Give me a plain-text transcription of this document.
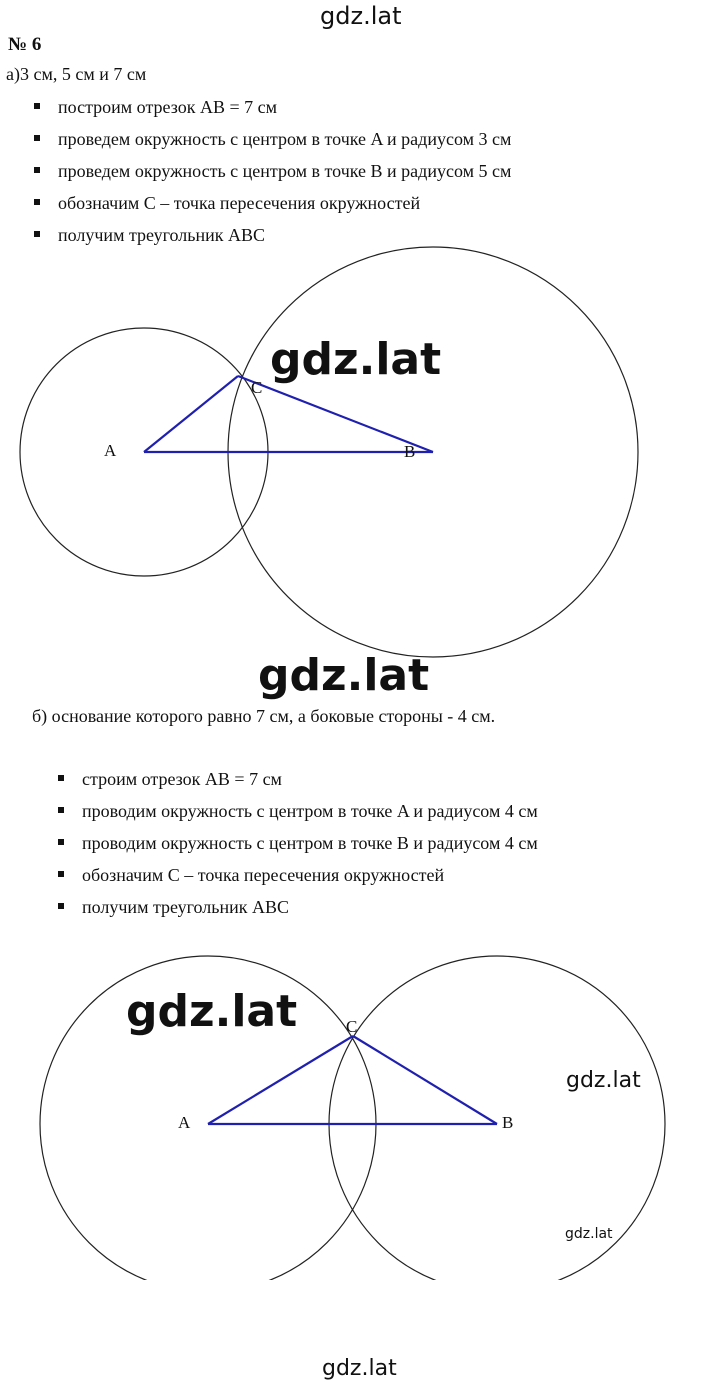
gdz.lat
№ 6
а)3 см, 5 см и 7 см
построим отрезок AB = 7 см
проведем окружность с центром в точке A и радиусом 3 см
проведем окружность с центром в точке B и радиусом 5 см
обозначим C – точка пересечения окружностей
получим треугольник ABC
A	B
C
gdz.lat
gdz.lat
б) основание которого равно 7 см, а боковые стороны - 4 см.
строим отрезок AB = 7 см
проводим окружность с центром в точке A и радиусом 4 см
проводим окружность с центром в точке B и радиусом 4 см
обозначим C – точка пересечения окружностей
получим треугольник ABC
A	B
C
gdz.lat
gdz.lat
gdz.lat
gdz.lat
